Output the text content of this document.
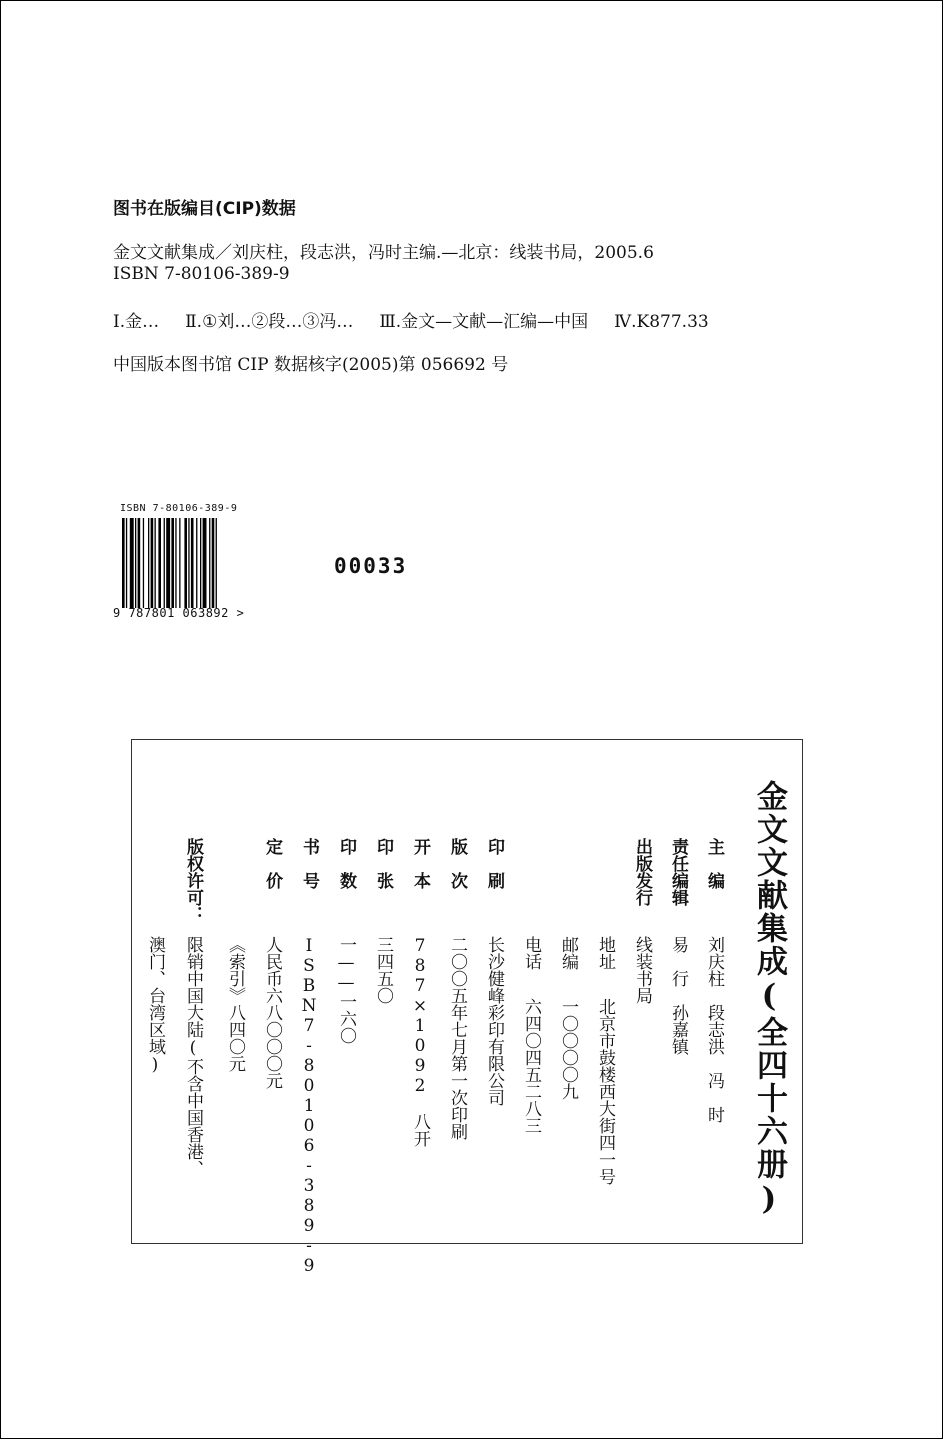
图书在版编目(CIP)数据
金文文献集成／刘庆柱，段志洪，冯时主编.—北京：线装书局，2005.6
ISBN 7-80106-389-9
Ⅰ.金… Ⅱ.①刘…②段…③冯… Ⅲ.金文—文献—汇编—中国 Ⅳ.K877.33
中国版本图书馆 CIP 数据核字(2005)第 056692 号
ISBN 7-80106-389-9
9 787801 063892 >
00033
金文文献集成(全四十六册)
主　编
刘庆柱　段志洪　冯　时
责任编辑
易　行　孙嘉镇
出版发行
线装书局
地址
北京市鼓楼西大街四一号
邮编
一〇〇〇〇九
电话
六四〇四五二八三
印　刷
长沙健峰彩印有限公司
版　次
二〇〇五年七月第一次印刷
开　本
787×1092　八开
印　张
三四五〇
印　数
一——一六〇
书　号
ISBN7-80106-389-9
定　价
人民币六八〇〇〇元
《索引》八四〇元
版权许可：
限销中国大陆(不含中国香港、
澳门、台湾区域)
